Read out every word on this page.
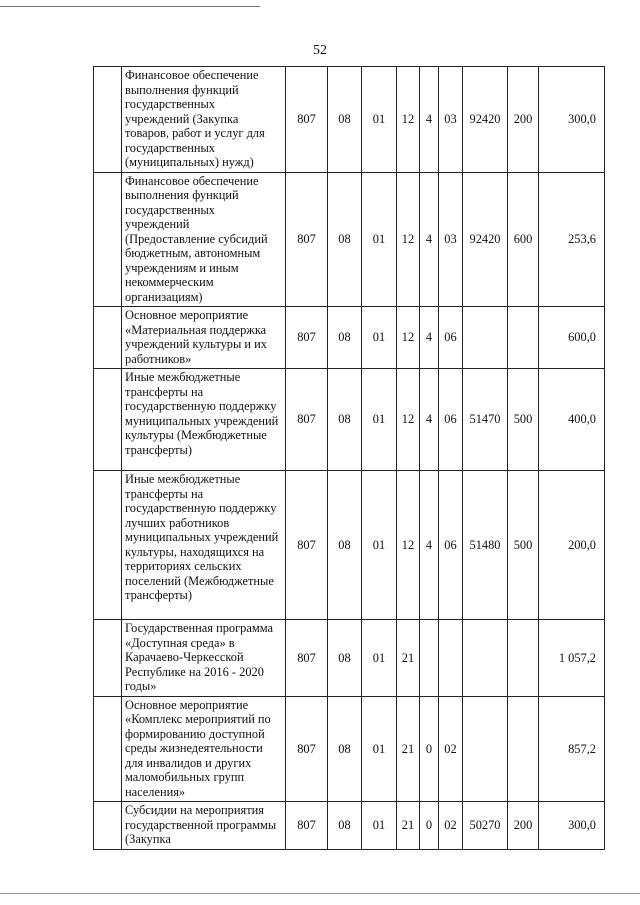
52
	Финансовое обеспечение выполнения функций государственных учреждений (Закупка товаров, работ и услуг для государственных (муниципальных) нужд)	807	08	01	12	4	03	92420	200	300,0
	Финансовое обеспечение выполнения функций государственных учреждений (Предоставление субсидий бюджетным, автономным учреждениям и иным некоммерческим организациям)	807	08	01	12	4	03	92420	600	253,6
	Основное мероприятие «Материальная поддержка учреждений культуры и их работников»	807	08	01	12	4	06			600,0
	Иные межбюджетные трансферты на государственную поддержку муниципальных учреждений культуры (Межбюджетные трансферты)	807	08	01	12	4	06	51470	500	400,0
	Иные межбюджетные трансферты на государственную поддержку лучших работников муниципальных учреждений культуры, находящихся на территориях сельских поселений (Межбюджетные трансферты)	807	08	01	12	4	06	51480	500	200,0
	Государственная программа «Доступная среда» в Карачаево-Черкесской Республике на 2016 - 2020 годы»	807	08	01	21					1 057,2
	Основное мероприятие «Комплекс мероприятий по формированию доступной среды жизнедеятельности для инвалидов и других маломобильных групп населения»	807	08	01	21	0	02			857,2
	Субсидии на мероприятия государственной программы (Закупка	807	08	01	21	0	02	50270	200	300,0
